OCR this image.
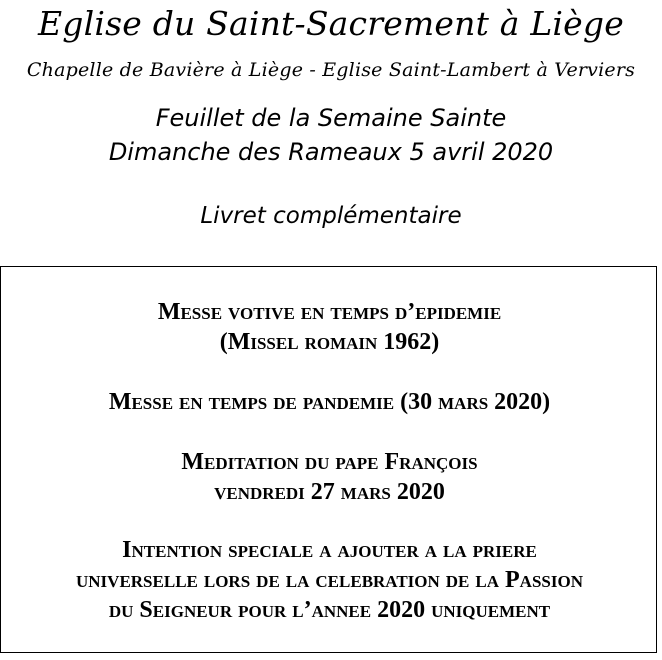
Eglise du Saint-Sacrement à Liège
Chapelle de Bavière à Liège - Eglise Saint-Lambert à Verviers
Feuillet de la Semaine Sainte
Dimanche des Rameaux 5 avril 2020
Livret complémentaire
Messe votive en temps d’epidemie
(Missel romain 1962)
Messe en temps de pandemie (30 mars 2020)
Meditation du pape François
vendredi 27 mars 2020
Intention speciale a ajouter a la priere
universelle lors de la celebration de la Passion
du Seigneur pour l’annee 2020 uniquement
